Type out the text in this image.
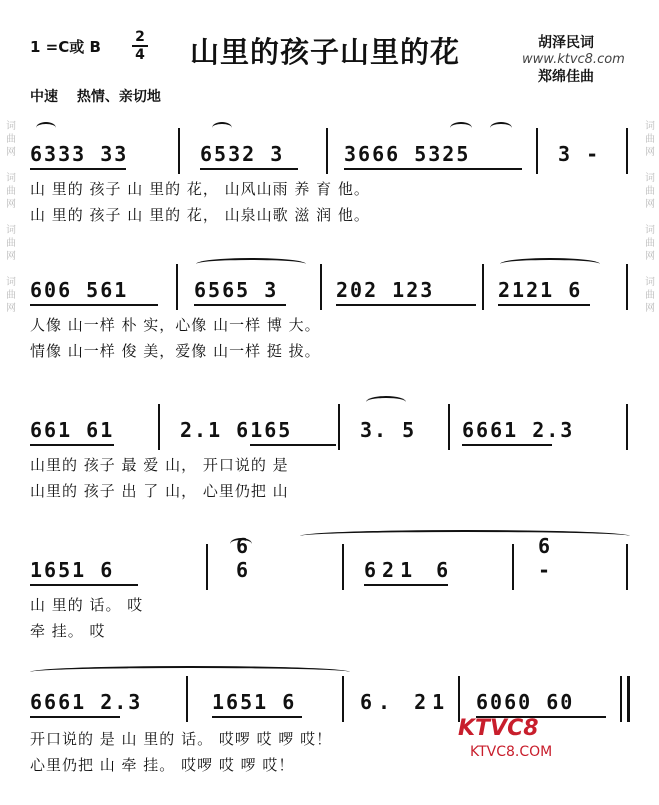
词
曲
网

词
曲
网

词
曲
网

词
曲
网

词
曲
网

词
曲
网

词
曲
网

词
曲
网

1 =C或 B
2
4 山里的孩子山里的花	胡泽民词
郑绵佳曲
www.ktvc8.com
中速 热情、亲切地
6333 33	6532 3	3666 5325	3 -
山 里的 孩子 山 里的 花， 山风山雨 养 育 他。
山 里的 孩子 山 里的 花， 山泉山歌 滋 润 他。
606 561	6565 3	202 123	2121 6
人像 山一样 朴 实，心像 山一样 博 大。
情像 山一样 俊 美，爱像 山一样 挺 拔。
661 61	2.1 6165	3. 5	6661 2.3
山里的 孩子 最 爱 山， 开口说的 是
山里的 孩子 出 了 山， 心里仍把 山
1651 6
6 6	621 6
6 -
山 里的 话。 哎
牵 挂。 哎
6661 2.3	1651 6	6. 21	6060 60
开口说的 是 山 里的 话。 哎啰 哎 啰 哎！
心里仍把 山 牵 挂。 哎啰 哎 啰 哎！
KTVC8
KTVC8.COM
